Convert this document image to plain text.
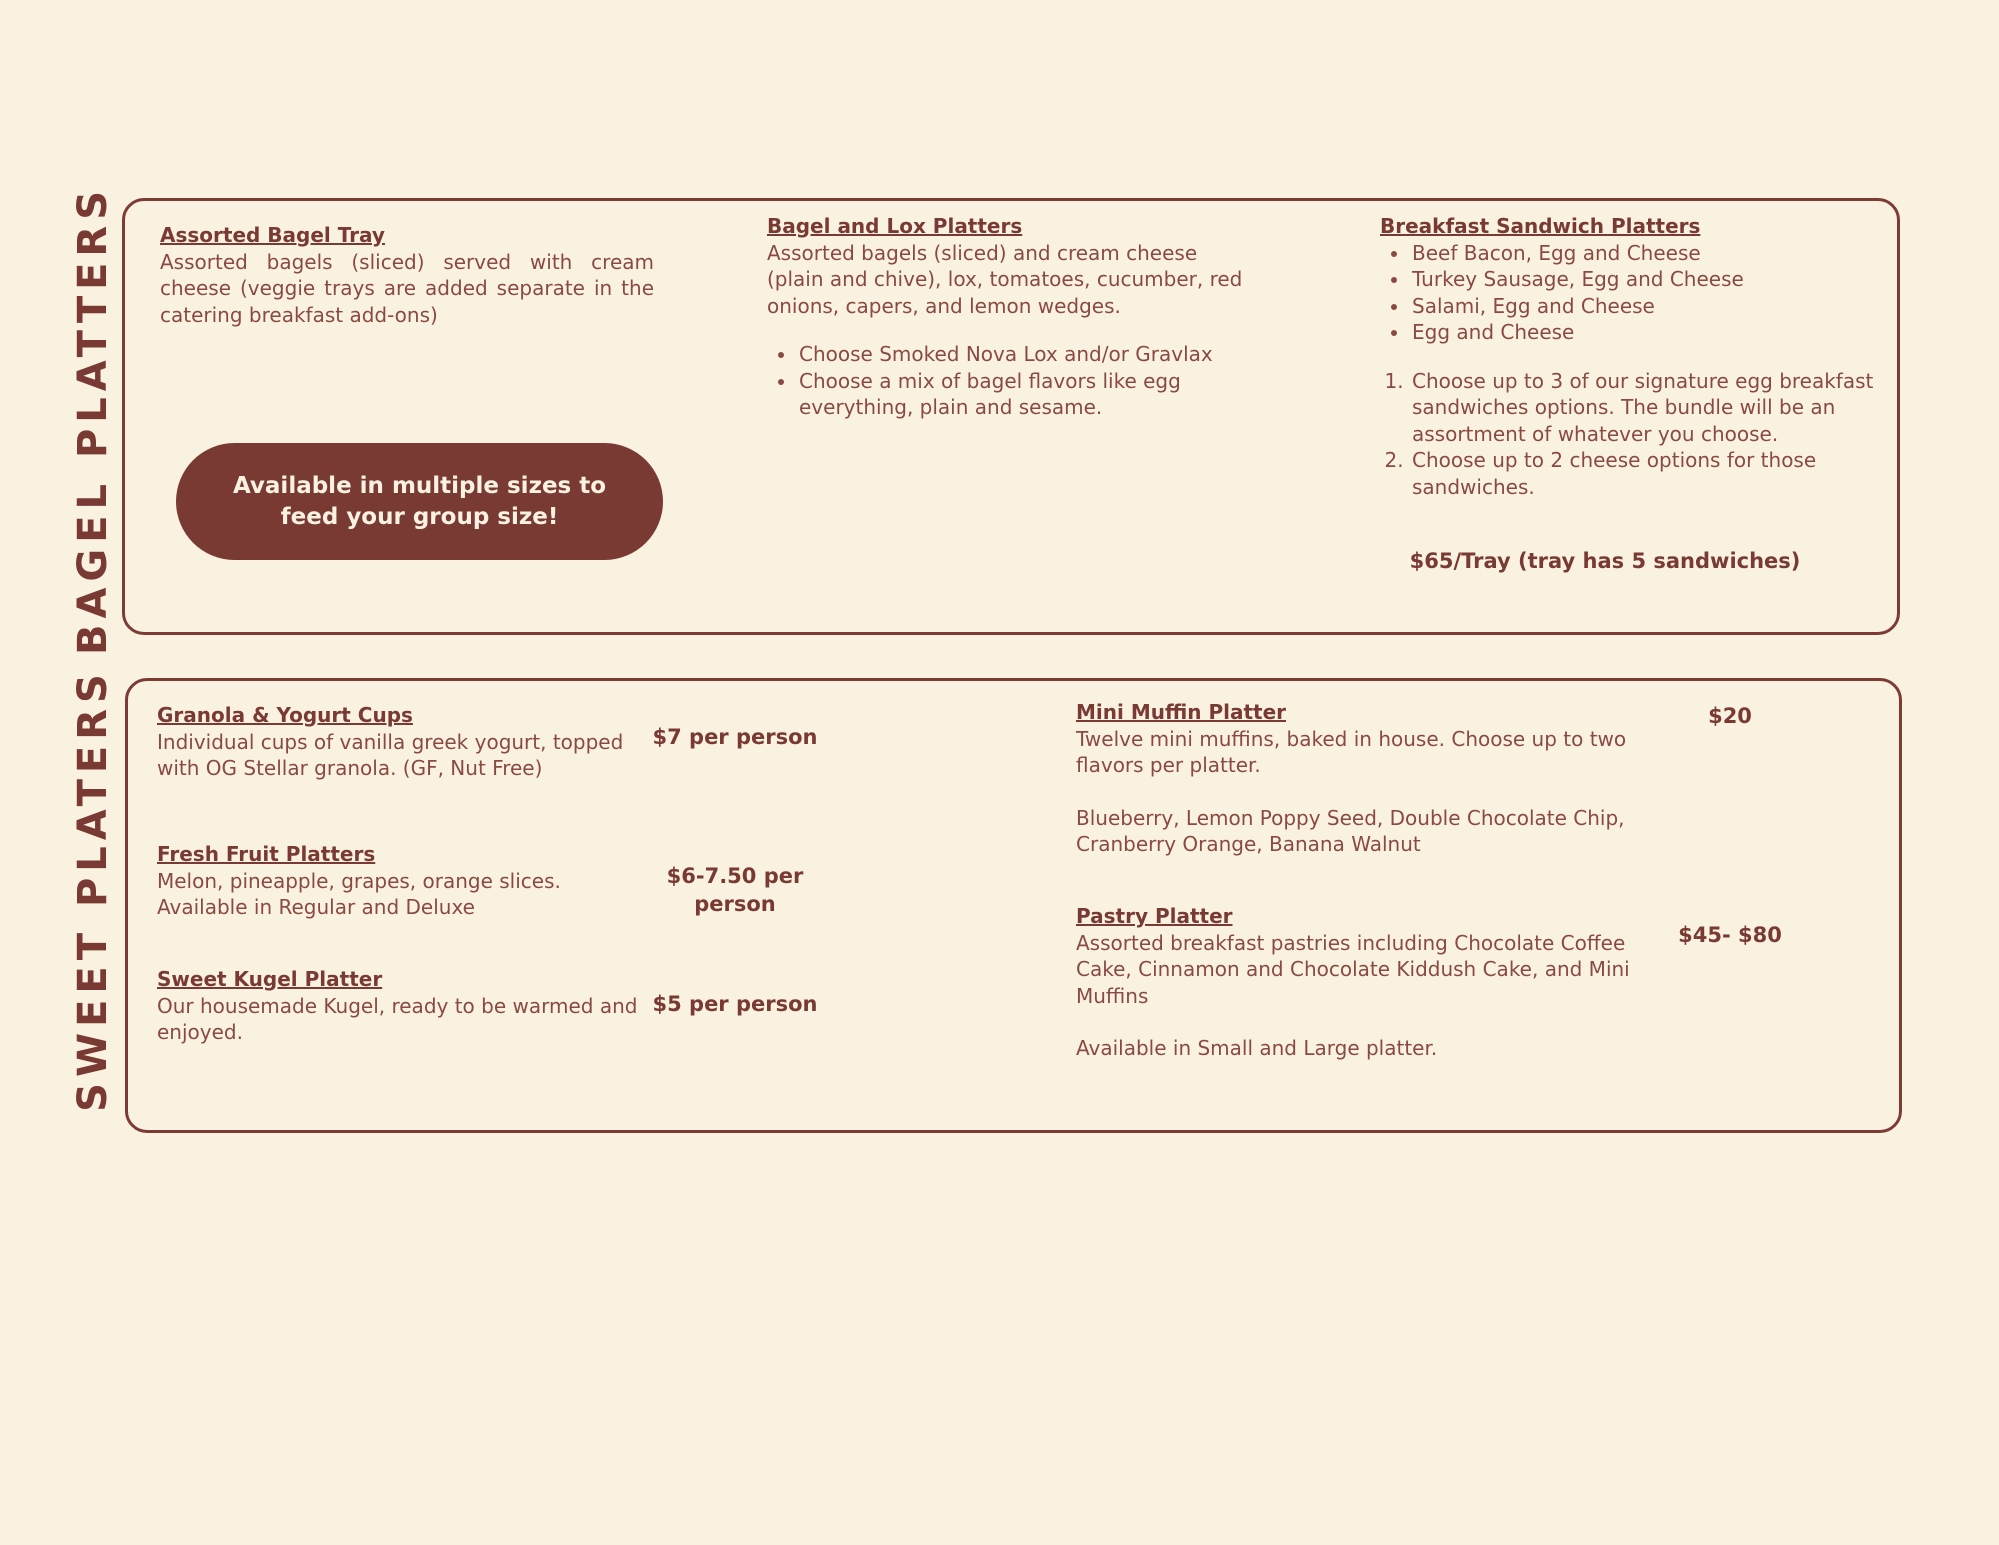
BAGEL PLATTERS
SWEET PLATERS
Assorted Bagel Tray

Assorted bagels (sliced) served with cream cheese (veggie trays are added separate in the catering breakfast add-ons)

Available in multiple sizes to feed your group size!
Bagel and Lox Platters

Assorted bagels (sliced) and cream cheese (plain and chive), lox, tomatoes, cucumber, red onions, capers, and lemon wedges.

• Choose Smoked Nova Lox and/or Gravlax
• Choose a mix of bagel flavors like egg everything, plain and sesame.
Breakfast Sandwich Platters
• Beef Bacon, Egg and Cheese
• Turkey Sausage, Egg and Cheese
• Salami, Egg and Cheese
• Egg and Cheese
1. Choose up to 3 of our signature egg breakfast sandwiches options. The bundle will be an assortment of whatever you choose.
2. Choose up to 2 cheese options for those sandwiches.
$65/Tray (tray has 5 sandwiches)
Granola & Yogurt Cups

Individual cups of vanilla greek yogurt, topped with OG Stellar granola. (GF, Nut Free)

$7 per person
Fresh Fruit Platters

Melon, pineapple, grapes, orange slices. Available in Regular and Deluxe

$6-7.50 per person
Sweet Kugel Platter

Our housemade Kugel, ready to be warmed and enjoyed.

$5 per person
Mini Muffin Platter

Twelve mini muffins, baked in house. Choose up to two flavors per platter.

Blueberry, Lemon Poppy Seed, Double Chocolate Chip, Cranberry Orange, Banana Walnut

$20
Pastry Platter

Assorted breakfast pastries including Chocolate Coffee Cake, Cinnamon and Chocolate Kiddush Cake, and Mini Muffins

Available in Small and Large platter.

$45- $80
